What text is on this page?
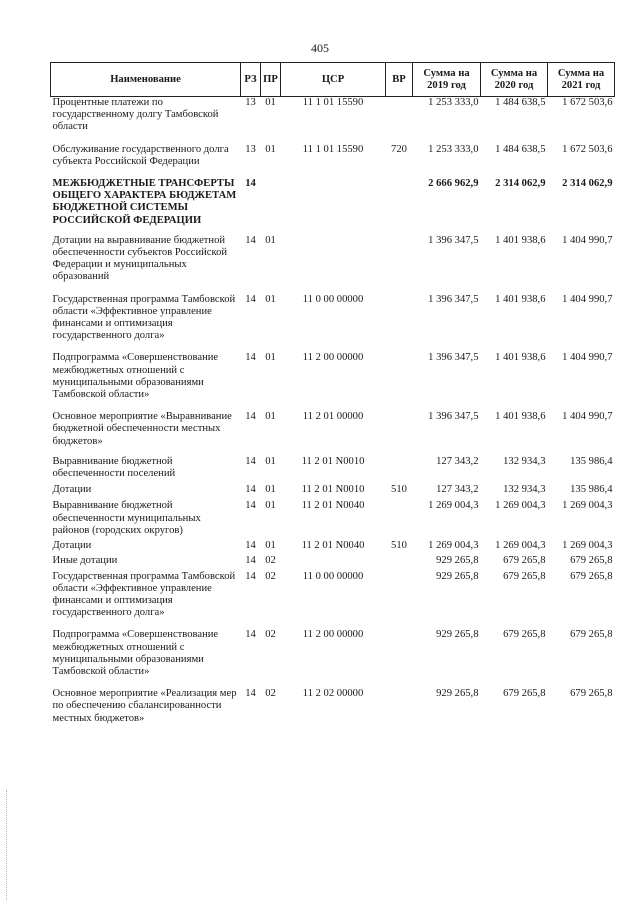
405
Наименование	РЗ	ПР	ЦСР	ВР	Сумма на 2019 год	Сумма на 2020 год	Сумма на 2021 год
Процентные платежи по государственному долгу Тамбовской области	13	01	11 1 01 15590		1 253 333,0	1 484 638,5	1 672 503,6
Обслуживание государственного долга субъекта Российской Федерации	13	01	11 1 01 15590	720	1 253 333,0	1 484 638,5	1 672 503,6
МЕЖБЮДЖЕТНЫЕ ТРАНСФЕРТЫ ОБЩЕГО ХАРАКТЕРА БЮДЖЕТАМ БЮДЖЕТНОЙ СИСТЕМЫ РОССИЙСКОЙ ФЕДЕРАЦИИ	14				2 666 962,9	2 314 062,9	2 314 062,9
Дотации на выравнивание бюджетной обеспеченности субъектов Российской Федерации и муниципальных образований	14	01			1 396 347,5	1 401 938,6	1 404 990,7
Государственная программа Тамбовской области «Эффективное управление финансами и оптимизация государственного долга»	14	01	11 0 00 00000		1 396 347,5	1 401 938,6	1 404 990,7
Подпрограмма «Совершенствование межбюджетных отношений с муниципальными образованиями Тамбовской области»	14	01	11 2 00 00000		1 396 347,5	1 401 938,6	1 404 990,7
Основное мероприятие «Выравнивание бюджетной обеспеченности местных бюджетов»	14	01	11 2 01 00000		1 396 347,5	1 401 938,6	1 404 990,7
Выравнивание бюджетной обеспеченности поселений	14	01	11 2 01 N0010		127 343,2	132 934,3	135 986,4
Дотации	14	01	11 2 01 N0010	510	127 343,2	132 934,3	135 986,4
Выравнивание бюджетной обеспеченности муниципальных районов (городских округов)	14	01	11 2 01 N0040		1 269 004,3	1 269 004,3	1 269 004,3
Дотации	14	01	11 2 01 N0040	510	1 269 004,3	1 269 004,3	1 269 004,3
Иные дотации	14	02			929 265,8	679 265,8	679 265,8
Государственная программа Тамбовской области «Эффективное управление финансами и оптимизация государственного долга»	14	02	11 0 00 00000		929 265,8	679 265,8	679 265,8
Подпрограмма «Совершенствование межбюджетных отношений с муниципальными образованиями Тамбовской области»	14	02	11 2 00 00000		929 265,8	679 265,8	679 265,8
Основное мероприятие «Реализация мер по обеспечению сбалансированности местных бюджетов»	14	02	11 2 02 00000		929 265,8	679 265,8	679 265,8
